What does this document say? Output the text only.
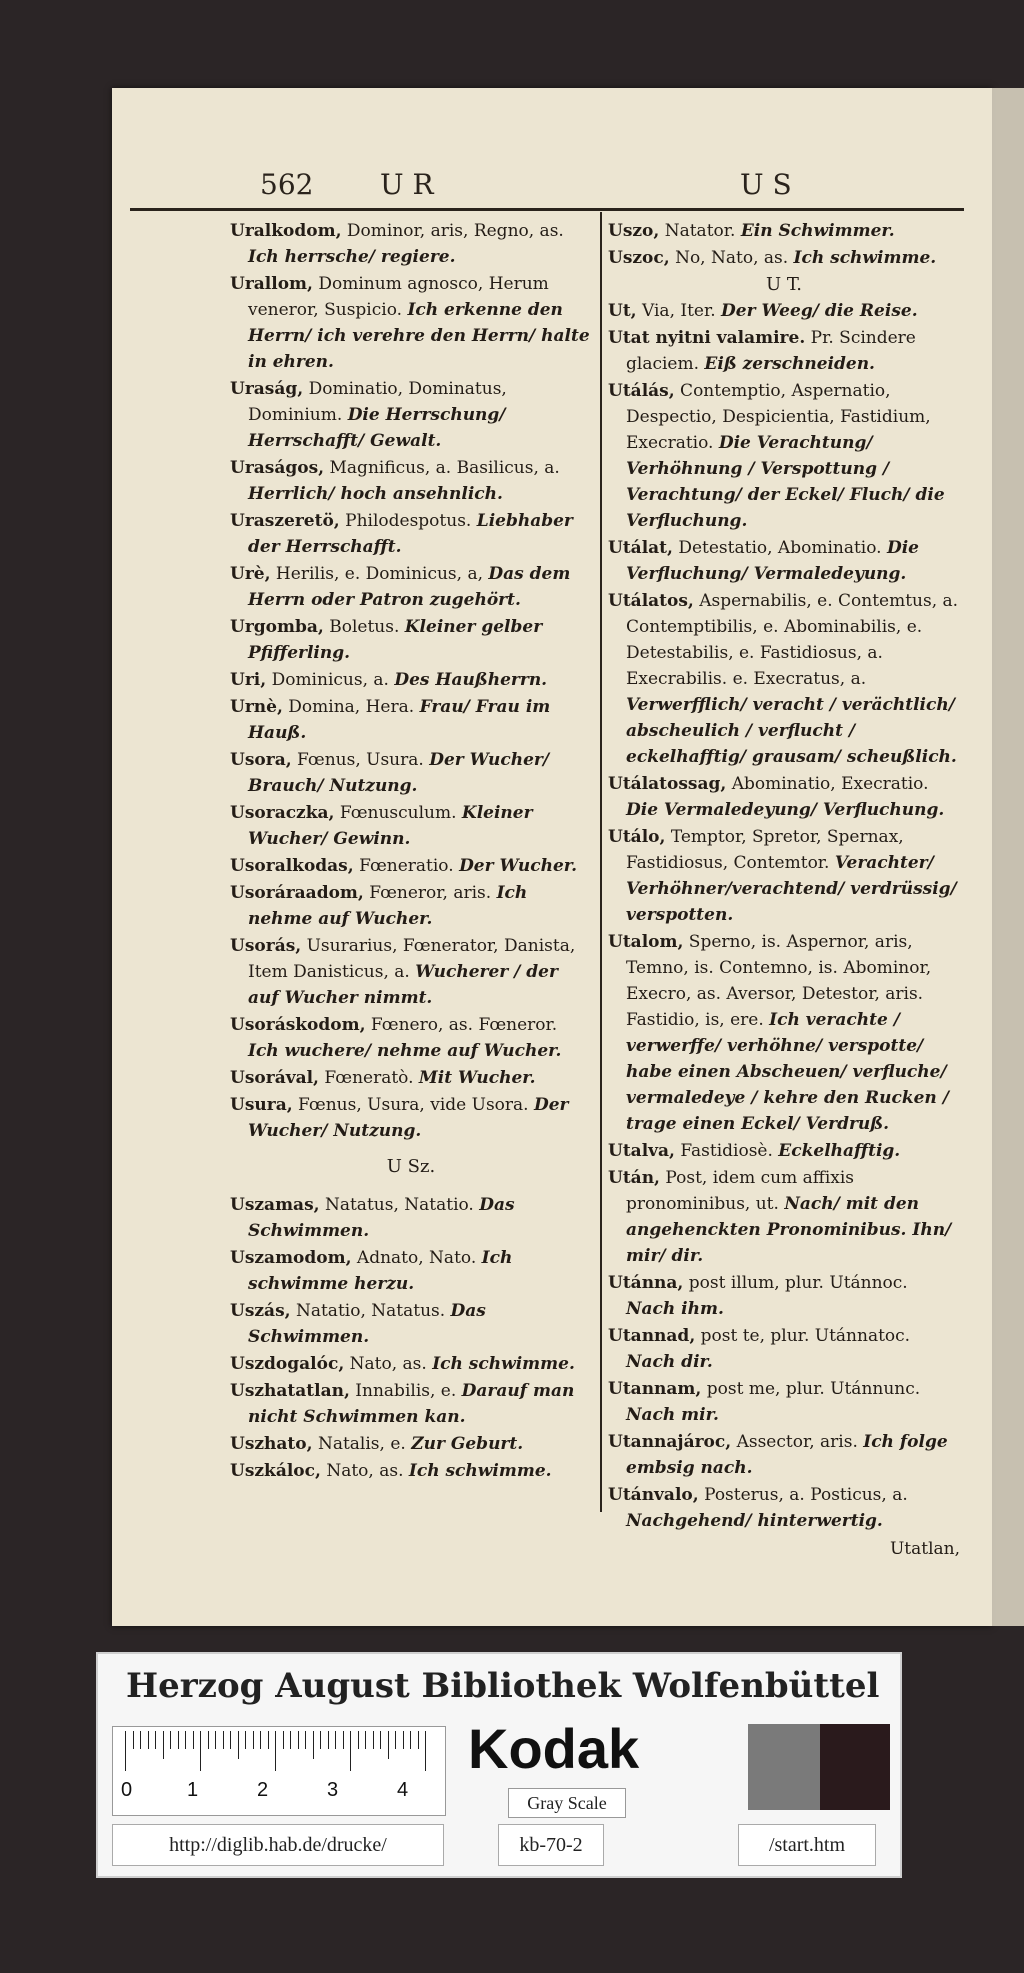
562 U R	U S
Uralkodom, Dominor, aris, Regno, as. Ich herrsche/ regiere.
Urallom, Dominum agnosco, Herum veneror, Suspicio. Ich erkenne den Herrn/ ich verehre den Herrn/ halte in ehren.
Uraság, Dominatio, Dominatus, Dominium. Die Herrschung/ Herrschafft/ Gewalt.
Uraságos, Magnificus, a. Basilicus, a. Herrlich/ hoch ansehnlich.
Uraszeretö, Philodespotus. Liebhaber der Herrschafft.
Urè, Herilis, e. Dominicus, a, Das dem Herrn oder Patron zugehört.
Urgomba, Boletus. Kleiner gelber Pfifferling.
Uri, Dominicus, a. Des Haußherrn.
Urnè, Domina, Hera. Frau/ Frau im Hauß.
Usora, Fœnus, Usura. Der Wucher/ Brauch/ Nutzung.
Usoraczka, Fœnusculum. Kleiner Wucher/ Gewinn.
Usoralkodas, Fœneratio. Der Wucher.
Usoráraadom, Fœneror, aris. Ich nehme auf Wucher.
Usorás, Usurarius, Fœnerator, Danista, Item Danisticus, a. Wucherer / der auf Wucher nimmt.
Usoráskodom, Fœnero, as. Fœneror. Ich wuchere/ nehme auf Wucher.
Usorával, Fœneratò. Mit Wucher.
Usura, Fœnus, Usura, vide Usora. Der Wucher/ Nutzung.
U Sz.
Uszamas, Natatus, Natatio. Das Schwimmen.
Uszamodom, Adnato, Nato. Ich schwimme herzu.
Uszás, Natatio, Natatus. Das Schwimmen.
Uszdogalóc, Nato, as. Ich schwimme.
Uszhatatlan, Innabilis, e. Darauf man nicht Schwimmen kan.
Uszhato, Natalis, e. Zur Geburt.
Uszkáloc, Nato, as. Ich schwimme.
Uszo, Natator. Ein Schwimmer.
Uszoc, No, Nato, as. Ich schwimme.
U T.
Ut, Via, Iter. Der Weeg/ die Reise.
Utat nyitni valamire. Pr. Scindere glaciem. Eiß zerschneiden.
Utálás, Contemptio, Aspernatio, Despectio, Despicientia, Fastidium, Execratio. Die Verachtung/ Verhöhnung / Verspottung / Verachtung/ der Eckel/ Fluch/ die Verfluchung.
Utálat, Detestatio, Abominatio. Die Verfluchung/ Vermaledeyung.
Utálatos, Aspernabilis, e. Contemtus, a. Contemptibilis, e. Abominabilis, e. Detestabilis, e. Fastidiosus, a. Execrabilis. e. Execratus, a. Verwerfflich/ veracht / verächtlich/ abscheulich / verflucht / eckelhafftig/ grausam/ scheußlich.
Utálatossag, Abominatio, Execratio. Die Vermaledeyung/ Verfluchung.
Utálo, Temptor, Spretor, Spernax, Fastidiosus, Contemtor. Verachter/ Verhöhner/verachtend/ verdrüssig/ verspotten.
Utalom, Sperno, is. Aspernor, aris, Temno, is. Contemno, is. Abominor, Execro, as. Aversor, Detestor, aris. Fastidio, is, ere. Ich verachte / verwerffe/ verhöhne/ verspotte/ habe einen Abscheuen/ verfluche/ vermaledeye / kehre den Rucken / trage einen Eckel/ Verdruß.
Utalva, Fastidiosè. Eckelhafftig.
Után, Post, idem cum affixis pronominibus, ut. Nach/ mit den angehenckten Pronominibus. Ihn/ mir/ dir.
Utánna, post illum, plur. Utánnoc. Nach ihm.
Utannad, post te, plur. Utánnatoc. Nach dir.
Utannam, post me, plur. Utánnunc. Nach mir.
Utannajároc, Assector, aris. Ich folge embsig nach.
Utánvalo, Posterus, a. Posticus, a. Nachgehend/ hinterwertig.
Utatlan,
Herzog August Bibliothek Wolfenbüttel
0	1	2	3	4
Kodak
Gray Scale
http://diglib.hab.de/drucke/	kb-70-2	/start.htm
